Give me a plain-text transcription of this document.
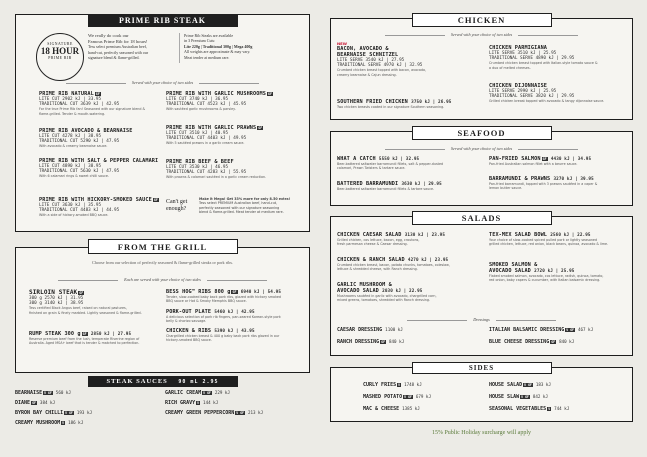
PRIME RIB STEAK
SIGNATURE
18 HOUR
PRIME RIB
We really do cook our
Famous Prime Rib for 18 hours!
Tess select premium Australian beef,
hand-cut, perfectly seasoned with our
signature blend & flame-grilled.
Prime Rib Steaks are available
in 3 Premium Cuts:
Lite 220g | Traditional 300g | Mega 400g
All weights are approximate & may vary.
Meat tender at medium rare.
Served with your choice of two sides
PRIME RIB NATURAL GF
LITE CUT 2902 kJ | 33.95
TRADITIONAL CUT 3639 kJ | 42.95
For the true Prime Rib fan! Seasoned with our signature blend &
flame-grilled. Tender & mouth-watering.
PRIME RIB AVOCADO & BEARNAISE
LITE CUT 4278 kJ | 38.95
TRADITIONAL CUT 5290 kJ | 47.95
With avocado & creamy bearnaise sauce.
PRIME RIB WITH SALT & PEPPER CALAMARI
LITE CUT 4890 kJ | 38.95
TRADITIONAL CUT 5630 kJ | 47.95
With 6 calamari rings & sweet chilli sauce.
PRIME RIB WITH HICKORY-SMOKED SAUCE GF
LITE CUT 3630 kJ | 35.95
TRADITIONAL CUT 4483 kJ | 44.95
With a side of hickory-smoked BBQ sauce.
PRIME RIB WITH GARLIC MUSHROOMS GF
LITE CUT 3740 kJ | 36.95
TRADITIONAL CUT 4523 kJ | 45.95
With sautéed garlic mushrooms & parsley.
PRIME RIB WITH GARLIC PRAWNS GF
LITE CUT 3510 kJ | 40.95
TRADITIONAL CUT 4403 kJ | 49.95
With 5 sautéed prawns in a garlic cream sauce.
PRIME RIB BEEF & BEEF
LITE CUT 3530 kJ | 46.95
TRADITIONAL CUT 4283 kJ | 55.95
With prawns & calamari sautéed in a garlic cream reduction.
Can't get
enough?
Make it Mega! Get 33% more for only 8.50 extra!
Tess select PREMIUM Australian beef, hand-cut,
perfectly seasoned with our signature seasoning
blend & flame-grilled. Meat tender at medium rare.
FROM THE GRILL
Choose from our selection of perfectly seasoned & flame-grilled steaks or pork ribs.
Each are served with your choice of two sides
SIRLOIN STEAK GF
300 g 2570 kJ | 31.95
300 g 3140 kJ | 38.95
Tess certified Black Angus beef, raised on natural pastures,
finished on grain & finely marbled. Lightly seasoned & flame-grilled.
RUMP STEAK 300 g GF 2850 kJ | 27.95
Reserve premium beef from the lush, temperate Riverine region of
Australia. Aged MSA+ beef that is tender & matched to perfection.
BESS HOG™ RIBS 800 g GF 6940 kJ | 54.95
Tender, slow-cooked baby back pork ribs, glazed with hickory smoked
BBQ sauce or Hot & Smoky Memphis BBQ sauce.
PORK-OUT PLATE 5460 kJ | 42.95
A delicious selection of pork rib fingers, pan-seared Korean-style pork
belly & chorizo sausage.
CHICKEN & RIBS 5390 kJ | 43.95
Chargrilled chicken breast & 400 g baby back pork ribs glazed in our
hickory-smoked BBQ sauce.
STEAK SAUCES 90 mL 2.95
BEARNAISE V GF 560 kJ
DIANE GF 384 kJ
BYRON BAY CHILLI V GF 193 kJ
CREAMY MUSHROOM V 186 kJ
GARLIC CREAM V GF 229 kJ
RICH GRAVY V 144 kJ
CREAMY GREEN PEPPERCORN V GF 213 kJ
CHICKEN
Served with your choice of two sides
NEW
BACON, AVOCADO &
BEARNAISE SCHNITZEL
LITE SERVE 3540 kJ | 27.95
TRADITIONAL SERVE 4970 kJ | 32.95
Crumbed chicken breast topped with bacon, avocado,
creamy bearnaise & Cajun dressing.
SOUTHERN FRIED CHICKEN 3750 kJ | 26.95
Two chicken breasts coated in our signature Southern seasoning.
CHICKEN PARMIGIANA
LITE SERVE 3510 kJ | 25.95
TRADITIONAL SERVE 4890 kJ | 29.95
Crumbed chicken breast topped with Italian-style tomato sauce &
a duo of melted cheeses.
CHICKEN DIJONNAISE
LITE SERVE 2990 kJ | 25.95
TRADITIONAL SERVE 3820 kJ | 29.95
Grilled chicken breast topped with avocado & tangy dijonnaise sauce.
SEAFOOD
Served with your choice of two sides
WHAT A CATCH 5550 kJ | 32.95
Beer-battered saltwater barramundi fillets, salt & pepper-dusted
calamari, Prawn Twisters & tartare sauce.
BATTERED BARRAMUNDI 3630 kJ | 29.95
Beer-battered saltwater barramundi fillets & tartare sauce.
PAN-FRIED SALMON GF 4430 kJ | 34.95
Pan-fried Australian salmon fillet with a beurre sauce.
BARRAMUNDI & PRAWNS 3270 kJ | 39.95
Pan-fried barramundi, topped with 3 prawns sautéed in a caper &
lemon butter sauce.
SALADS
CHICKEN CAESAR SALAD 3130 kJ | 23.95
Grilled chicken, cos lettuce, bacon, egg, croutons,
fresh parmesan cheese & Caesar dressing.
CHICKEN & RANCH SALAD 4270 kJ | 23.95
Crumbed chicken breast, bacon, potato chunks, tomatoes, coleslaw,
lettuce & shredded cheese, with Ranch dressing.
GARLIC MUSHROOM &
AVOCADO SALAD 2030 kJ | 22.95
Mushrooms sautéed in garlic with avocado, chargrilled corn,
mixed greens, tomatoes, shredded with Ranch dressing.
TEX-MEX SALAD BOWL 2560 kJ | 22.95
Your choice of slow-cooked spiced pulled pork or lightly seasoned
grilled chicken, lettuce, red onion, black beans, quinoa, avocado & lime.
SMOKED SALMON &
AVOCADO SALAD 2720 kJ | 25.95
Flaked smoked salmon, avocado, cos lettuce, radish, quinoa, tomato,
red onion, baby capers & cucumber, with Italian balsamic dressing.
Dressings
CAESAR DRESSING 1100 kJ
RANCH DRESSING GF 840 kJ
ITALIAN BALSAMIC DRESSING V GF 467 kJ
BLUE CHEESE DRESSING GF 840 kJ
SIDES
CURLY FRIES V 1748 kJ
MASHED POTATO V GF 679 kJ
MAC & CHEESE 1385 kJ
HOUSE SALAD V GF 183 kJ
HOUSE SLAW V GF 842 kJ
SEASONAL VEGETABLES V 744 kJ
15% Public Holiday surcharge will apply
